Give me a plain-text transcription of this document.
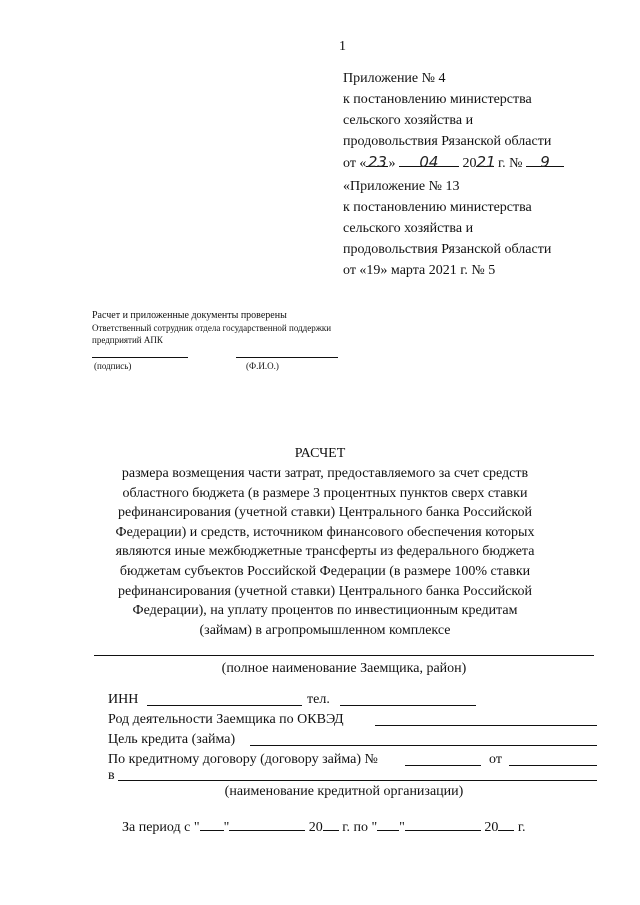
1
Приложение № 4
к постановлению министерства
сельского хозяйства и
продовольствия Рязанской области
от «23» 04 2021 г. № 9
«Приложение № 13
к постановлению министерства
сельского хозяйства и
продовольствия Рязанской области
от «19» марта 2021 г. № 5
Расчет и приложенные документы проверены
Ответственный сотрудник отдела государственной поддержки
предприятий АПК
(подпись)	(Ф.И.О.)
РАСЧЕТ
размера возмещения части затрат, предоставляемого за счет средств
областного бюджета (в размере 3 процентных пунктов сверх ставки
рефинансирования (учетной ставки) Центрального банка Российской
Федерации) и средств, источником финансового обеспечения которых
являются иные межбюджетные трансферты из федерального бюджета
бюджетам субъектов Российской Федерации (в размере 100% ставки
рефинансирования (учетной ставки) Центрального банка Российской
Федерации), на уплату процентов по инвестиционным кредитам
(займам) в агропромышленном комплексе
(полное наименование Заемщика, район)
ИНН	тел.
Род деятельности Заемщика по ОКВЭД
Цель кредита (займа)
По кредитному договору (договору займа) №	от
в
(наименование кредитной организации)
За период с " "	20 г. по " "	20 г.
